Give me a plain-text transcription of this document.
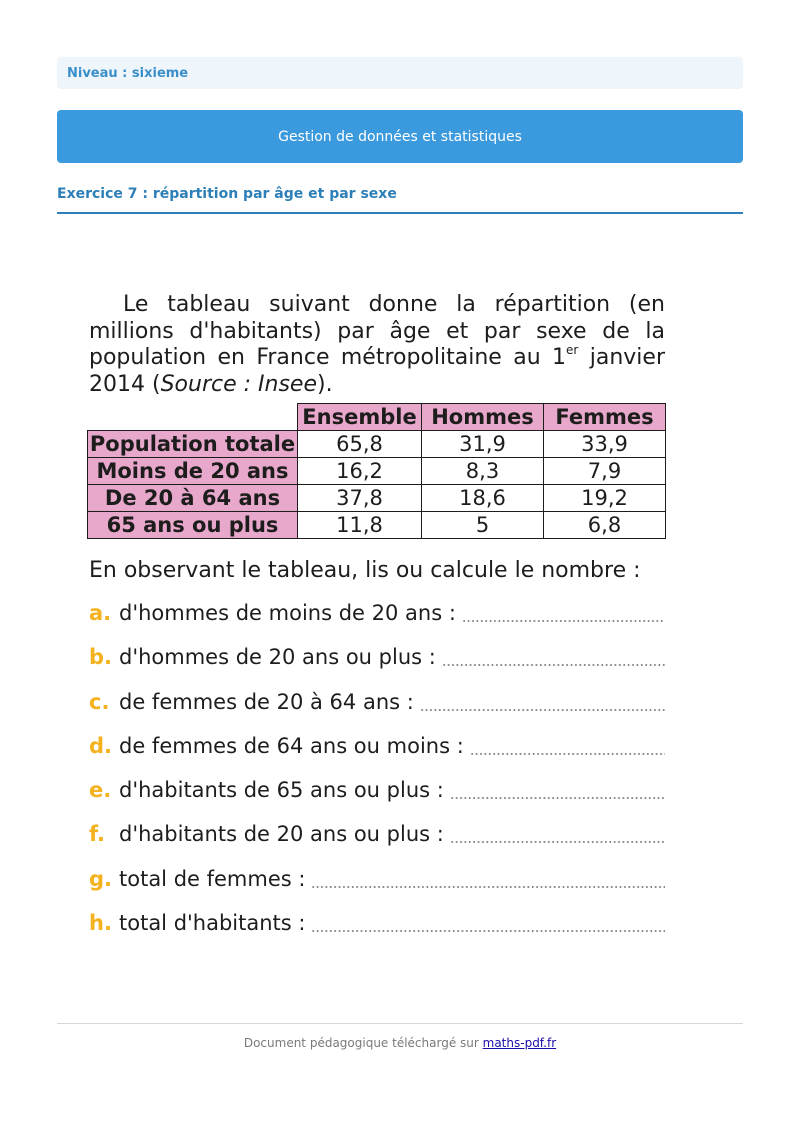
Niveau : sixieme
Gestion de données et statistiques
Exercice 7 : répartition par âge et par sexe
Le tableau suivant donne la répartition (en
millions d'habitants) par âge et par sexe de la
population en France métropolitaine au 1er janvier
2014 (Source : Insee).
	Ensemble	Hommes	Femmes
Population totale	65,8	31,9	33,9
Moins de 20 ans	16,2	8,3	7,9
De 20 à 64 ans	37,8	18,6	19,2
65 ans ou plus	11,8	5	6,8
En observant le tableau, lis ou calcule le nombre :
a. d'hommes de moins de 20 ans :
b. d'hommes de 20 ans ou plus :
c. de femmes de 20 à 64 ans :
d. de femmes de 64 ans ou moins :
e. d'habitants de 65 ans ou plus :
f. d'habitants de 20 ans ou plus :
g. total de femmes :
h. total d'habitants :
Document pédagogique téléchargé sur maths-pdf.fr
